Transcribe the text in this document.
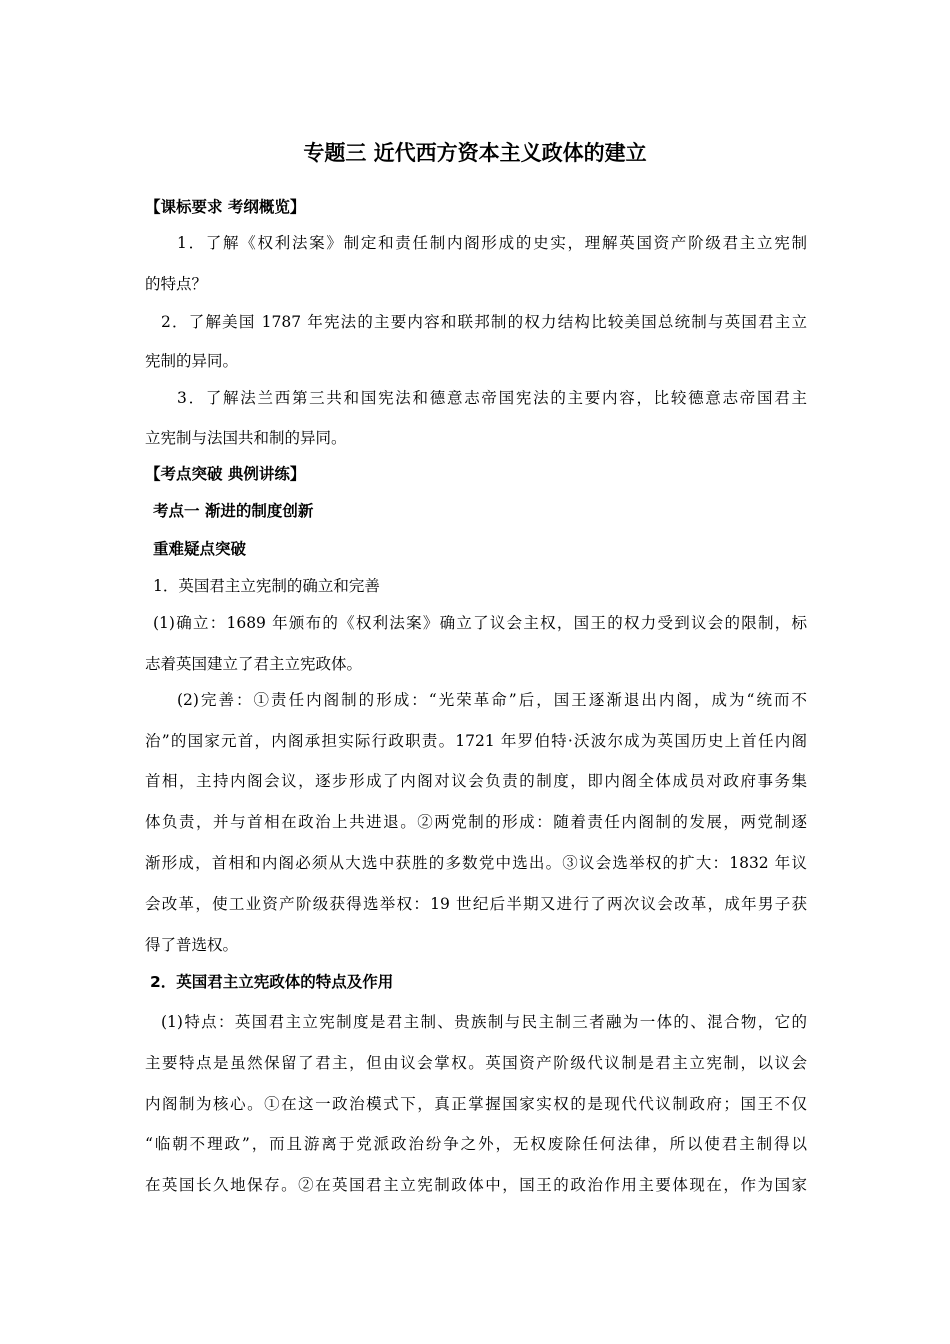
专题三 近代西方资本主义政体的建立
【课标要求 考纲概览】
1．了解《权利法案》制定和责任制内阁形成的史实，理解英国资产阶级君主立宪制
的特点？
2．了解美国 1787 年宪法的主要内容和联邦制的权力结构比较美国总统制与英国君主立
宪制的异同。
3．了解法兰西第三共和国宪法和德意志帝国宪法的主要内容，比较德意志帝国君主
立宪制与法国共和制的异同。
【考点突破 典例讲练】
考点一 渐进的制度创新
重难疑点突破
1．英国君主立宪制的确立和完善
(1)确立：1689 年颁布的《权利法案》确立了议会主权，国王的权力受到议会的限制，标
志着英国建立了君主立宪政体。
(2)完善：①责任内阁制的形成：“光荣革命”后，国王逐渐退出内阁，成为“统而不
治”的国家元首，内阁承担实际行政职责。1721 年罗伯特·沃波尔成为英国历史上首任内阁
首相，主持内阁会议，逐步形成了内阁对议会负责的制度，即内阁全体成员对政府事务集
体负责，并与首相在政治上共进退。②两党制的形成：随着责任内阁制的发展，两党制逐
渐形成，首相和内阁必须从大选中获胜的多数党中选出。③议会选举权的扩大：1832 年议
会改革，使工业资产阶级获得选举权：19 世纪后半期又进行了两次议会改革，成年男子获
得了普选权。
2．英国君主立宪政体的特点及作用
(1)特点：英国君主立宪制度是君主制、贵族制与民主制三者融为一体的、混合物，它的
主要特点是虽然保留了君主，但由议会掌权。英国资产阶级代议制是君主立宪制，以议会
内阁制为核心。①在这一政治模式下，真正掌握国家实权的是现代代议制政府；国王不仅
“临朝不理政”，而且游离于党派政治纷争之外，无权废除任何法律，所以使君主制得以
在英国长久地保存。②在英国君主立宪制政体中，国王的政治作用主要体现在，作为国家
